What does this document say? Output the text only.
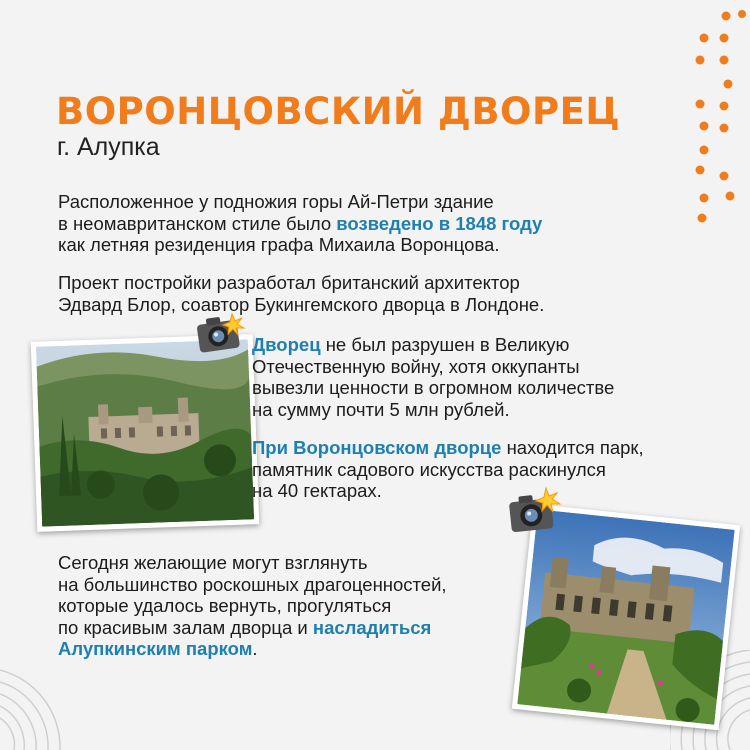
ВОРОНЦОВСКИЙ ДВОРЕЦ

г. Алупка

Расположенное у подножия горы Ай-Петри здание
в неомавританском стиле было возведено в 1848 году
как летняя резиденция графа Михаила Воронцова.

Проект постройки разработал британский архитектор
Эдвард Блор, соавтор Букингемского дворца в Лондоне.

Дворец не был разрушен в Великую
Отечественную войну, хотя оккупанты
вывезли ценности в огромном количестве
на сумму почти 5 млн рублей.

При Воронцовском дворце находится парк,
памятник садового искусства раскинулся
на 40 гектарах.

Сегодня желающие могут взглянуть
на большинство роскошных драгоценностей,
которые удалось вернуть, прогуляться
по красивым залам дворца и насладиться
Алупкинским парком.
